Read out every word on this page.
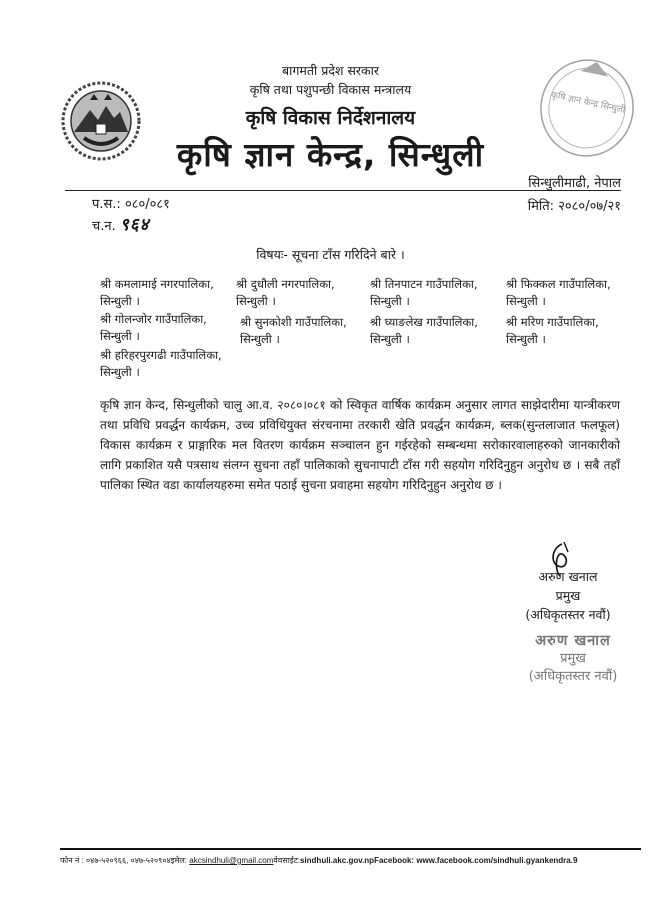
बागमती प्रदेश सरकार
कृषि तथा पशुपन्छी विकास मन्त्रालय
कृषि विकास निर्देशनालय
कृषि ज्ञान केन्द्र, सिन्धुली
कृषि ज्ञान केन्द्र सिन्धुली
सिन्धुलीमाढी, नेपाल
प.स.: ०८०/०८१
च.न. ९६४
मिति: २०८०/०७/२१
विषयः- सूचना टाँस गरिदिने बारे ।
श्री कमलामाई नगरपालिका,
सिन्धुली ।
श्री दुधौली नगरपालिका,
सिन्धुली ।
श्री तिनपाटन गाउँपालिका,
सिन्धुली ।
श्री फिक्कल गाउँपालिका,
सिन्धुली ।
श्री गोलन्जोर गाउँपालिका,
सिन्धुली ।
श्री सुनकोशी गाउँपालिका,
सिन्धुली ।
श्री घ्याङलेख गाउँपालिका,
सिन्धुली ।
श्री मरिण गाउँपालिका,
सिन्धुली ।
श्री हरिहरपुरगढी गाउँपालिका,
सिन्धुली ।
कृषि ज्ञान केन्द, सिन्धुलीको चालु आ.व. २०८०।०८१ को स्विकृत वार्षिक कार्यक्रम अनुसार लागत साझेदारीमा यान्त्रीकरण तथा प्रविधि प्रवर्द्धन कार्यक्रम, उच्च प्रविधियुक्त संरचनामा तरकारी खेति प्रवर्द्धन कार्यक्रम, ब्लक(सुन्तलाजात फलफूल) विकास कार्यक्रम र प्राङ्गारिक मल वितरण कार्यक्रम सञ्चालन हुन गईरहेको सम्बन्धमा सरोकारवालाहरुको जानकारीको लागि प्रकाशित यसै पत्रसाथ संलग्न सुचना तहाँ पालिकाको सुचनापाटी टाँस गरी सहयोग गरिदिनुहुन अनुरोध छ । सबै तहाँ पालिका स्थित वडा कार्यालयहरुमा समेत पठाई सुचना प्रवाहमा सहयोग गरिदिनुहुन अनुरोध छ ।
अरुण खनाल
प्रमुख
(अधिकृतस्तर नवौं)
अरुण खनाल
प्रमुख
(अधिकृतस्तर नवौं)
फोन नं : ०४७-५२०९६६, ०४७-५२०९०४इमेल: akcsindhuli@gmail.comवेवसाईट:sindhuli.akc.gov.npFacebook: www.facebook.com/sindhuli.gyankendra.9
